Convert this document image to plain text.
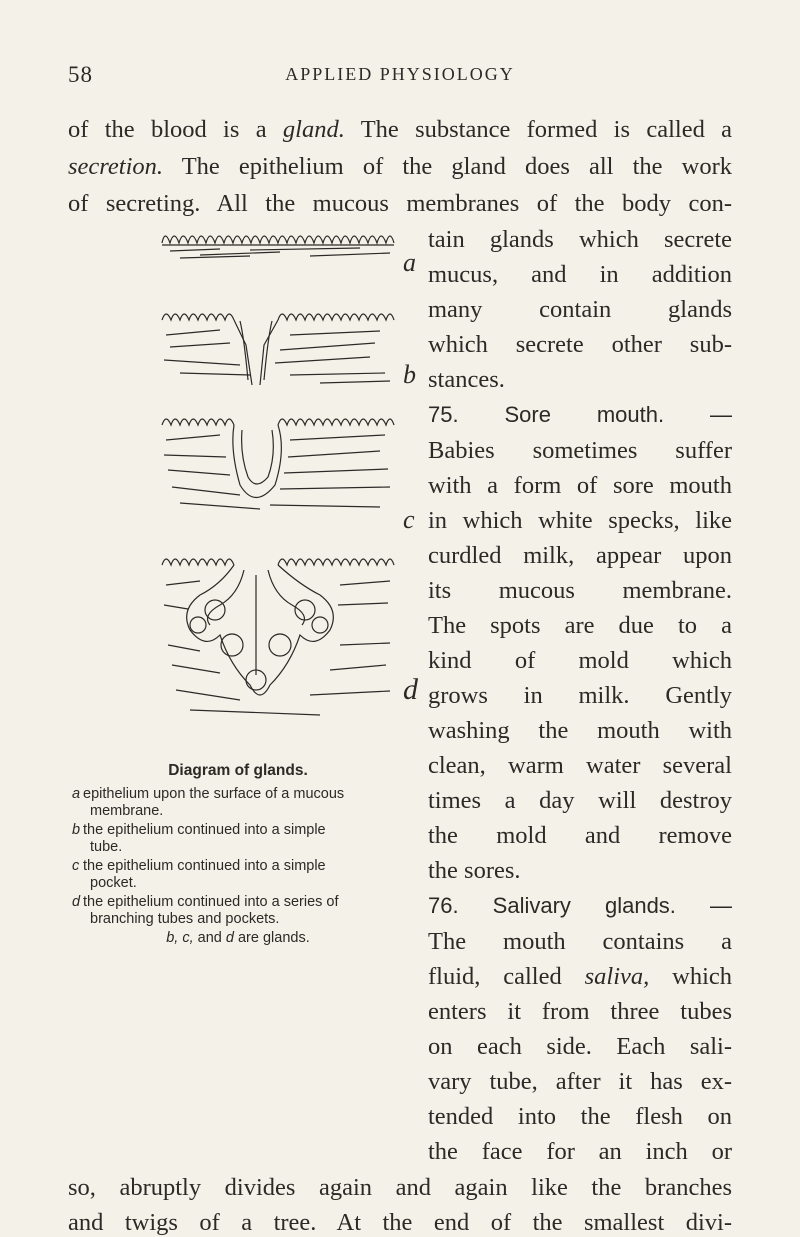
58	APPLIED PHYSIOLOGY
of the blood is a gland. The substance formed is called a
secretion. The epithelium of the gland does all the work
of secreting. All the mucous membranes of the body con-
tain glands which secrete
mucus, and in addition
many contain glands
which secrete other sub-
stances.
75. Sore mouth. —
Babies sometimes suffer
with a form of sore mouth
in which white specks, like
curdled milk, appear upon
its mucous membrane.
The spots are due to a
kind of mold which
grows in milk. Gently
washing the mouth with
clean, warm water several
times a day will destroy
the mold and remove
the sores.
76. Salivary glands. —
The mouth contains a
fluid, called saliva, which
enters it from three tubes
on each side. Each sali-
vary tube, after it has ex-
tended into the flesh on
the face for an inch or
so, abruptly divides again and again like the branches
and twigs of a tree. At the end of the smallest divi-
a
b
c
d
Diagram of glands.
a epithelium upon the surface of a mucous
membrane.
b the epithelium continued into a simple
tube.
c the epithelium continued into a simple
pocket.
d the epithelium continued into a series of
branching tubes and pockets.
b, c, and d are glands.
